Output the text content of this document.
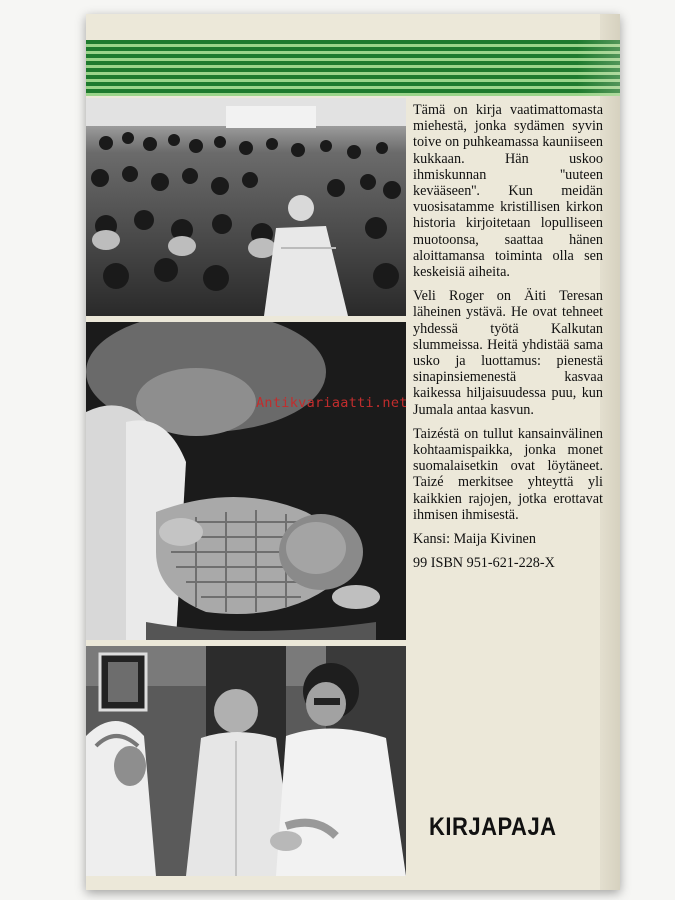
Tämä on kirja vaatimattomasta miehestä, jonka sydämen syvin toive on puhkeamassa kauniiseen kukkaan. Hän uskoo ihmiskunnan ''uuteen kevääseen''. Kun meidän vuosisatamme kristillisen kirkon historia kirjoitetaan lopulliseen muotoonsa, saattaa hänen aloittamansa toiminta olla sen keskeisiä aiheita.

Veli Roger on Äiti Teresan läheinen ystävä. He ovat tehneet yhdessä työtä Kalkutan slummeissa. Heitä yhdistää sama usko ja luottamus: pienestä sinapinsiemenestä kasvaa kaikessa hiljaisuudessa puu, kun Jumala antaa kasvun.

Taizéstä on tullut kansainvälinen kohtaamispaikka, jonka monet suomalaisetkin ovat löytäneet. Taizé merkitsee yhteyttä yli kaikkien rajojen, jotka erottavat ihmisen ihmisestä.

Kansi: Maija Kivinen
99 ISBN 951-621-228-X
KIRJAPAJA
Antikvariaatti.net
